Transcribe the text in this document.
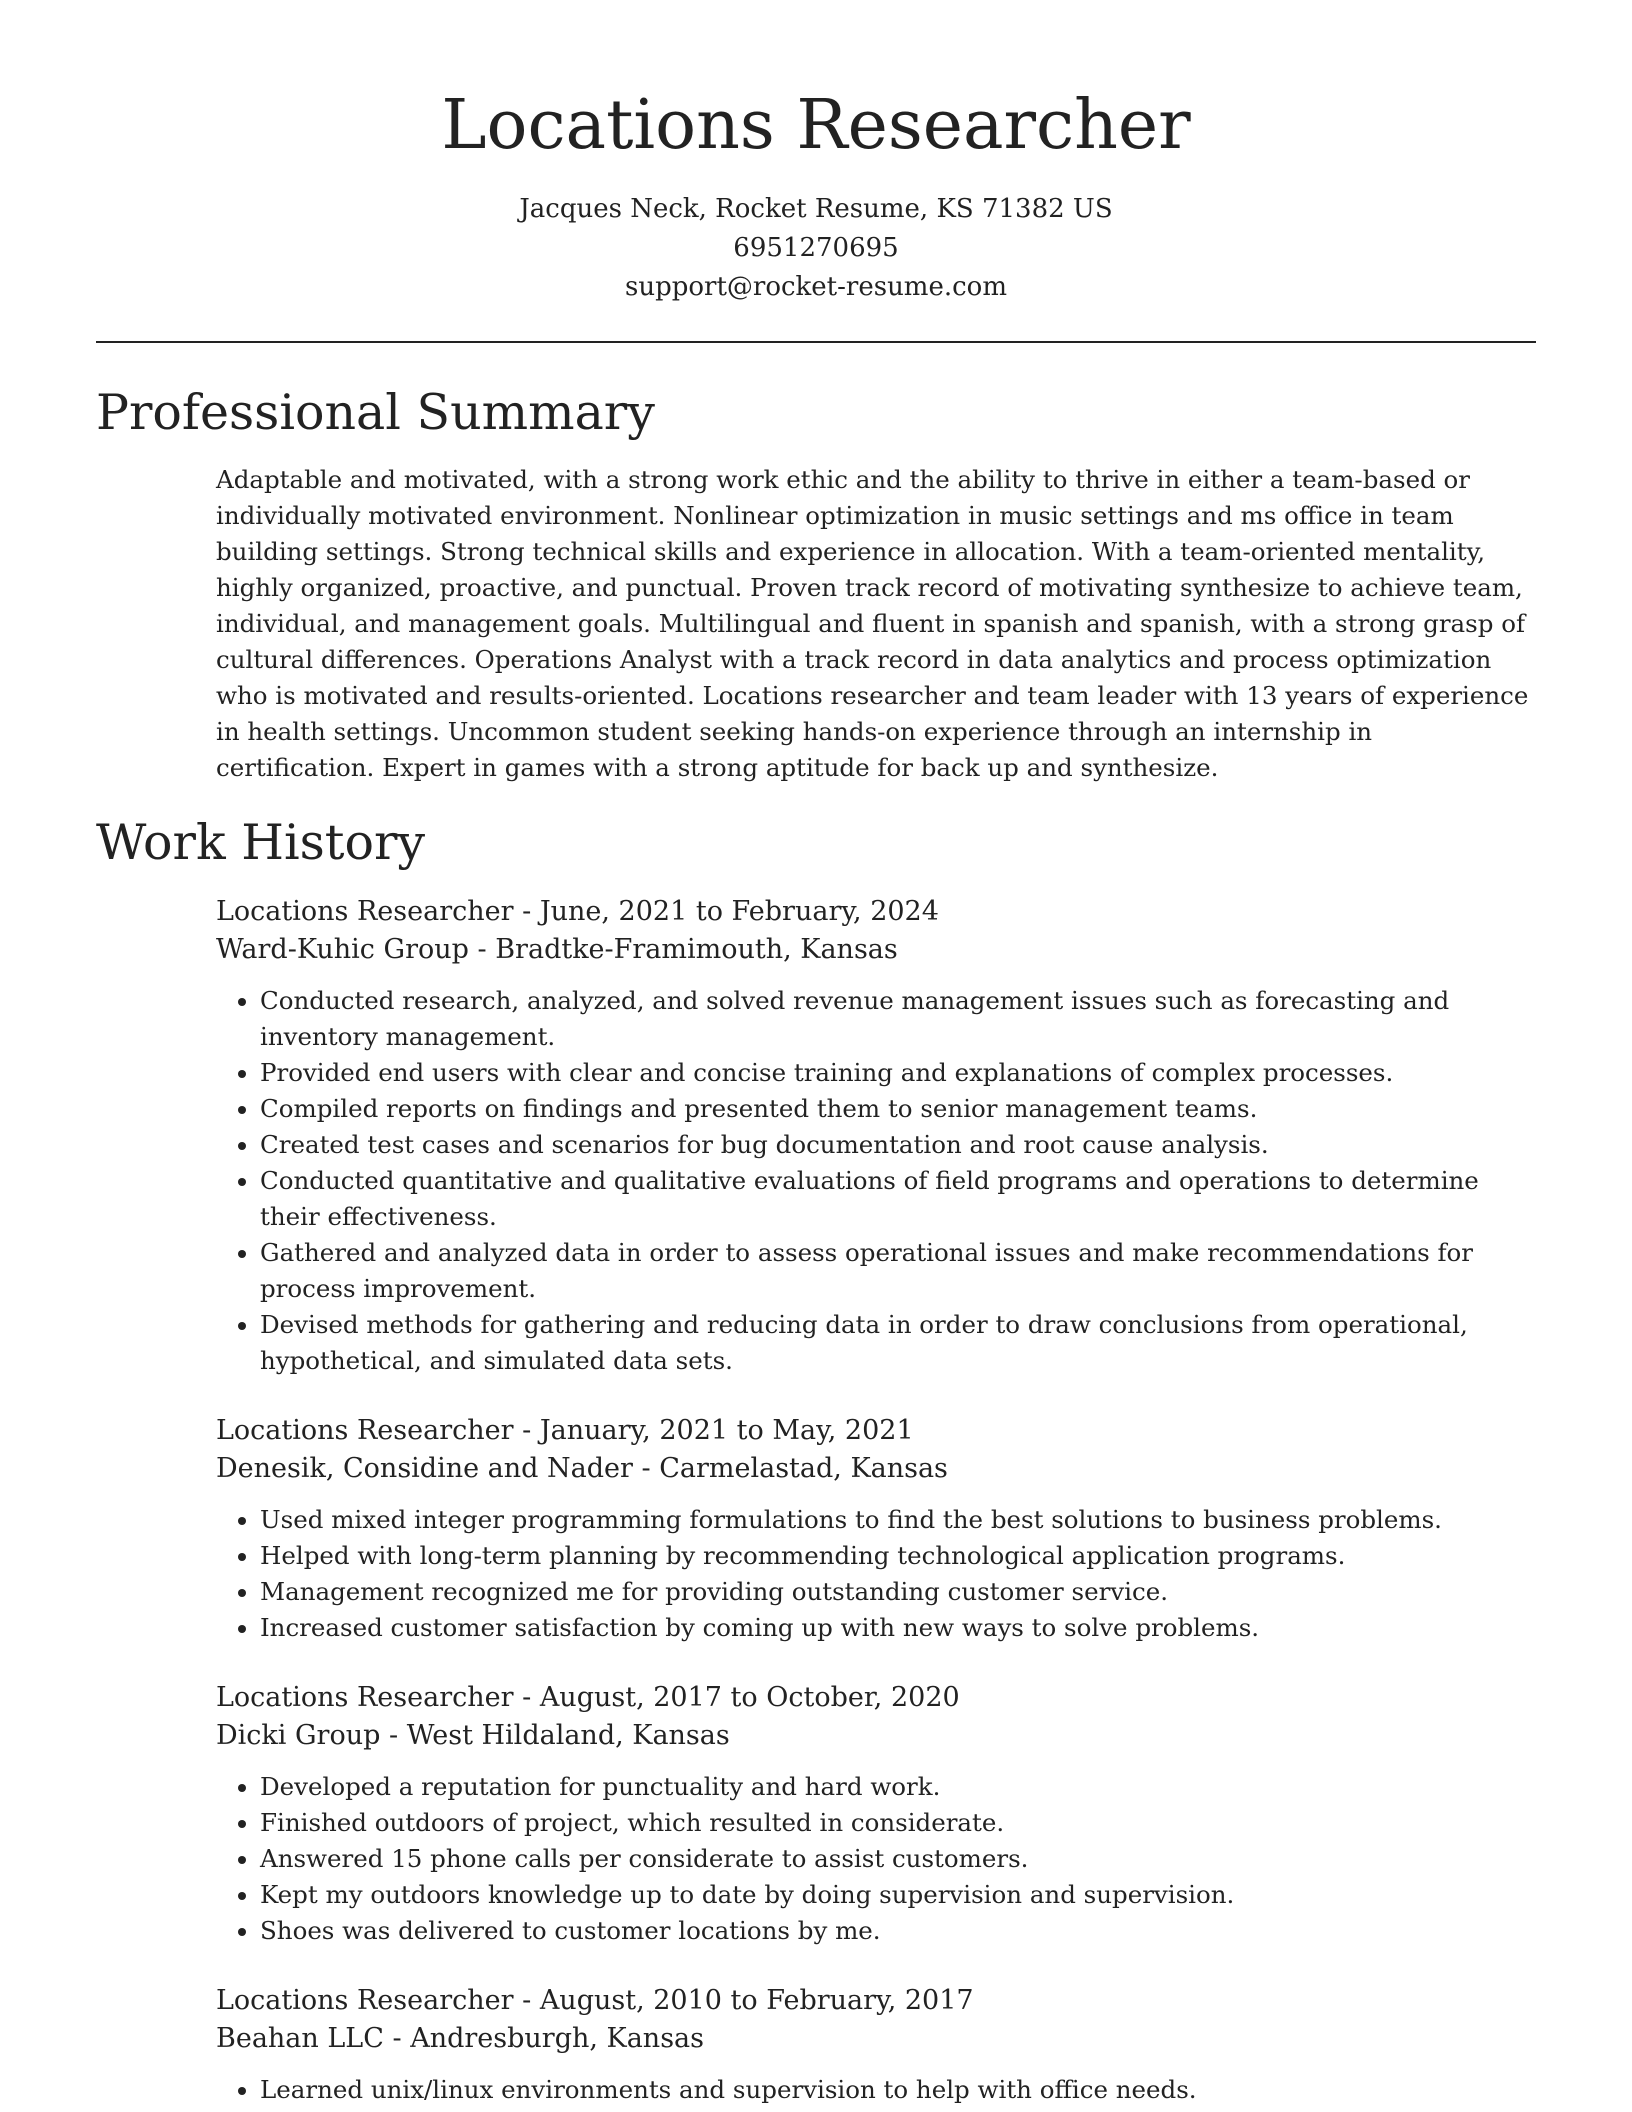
Locations Researcher
Jacques Neck, Rocket Resume, KS 71382 US
6951270695
support@rocket-resume.com
Professional Summary

Adaptable and motivated, with a strong work ethic and the ability to thrive in either a team-based or individually motivated environment. Nonlinear optimization in music settings and ms office in team building settings. Strong technical skills and experience in allocation. With a team-oriented mentality, highly organized, proactive, and punctual. Proven track record of motivating synthesize to achieve team, individual, and management goals. Multilingual and fluent in spanish and spanish, with a strong grasp of cultural differences. Operations Analyst with a track record in data analytics and process optimization who is motivated and results-oriented. Locations researcher and team leader with 13 years of experience in health settings. Uncommon student seeking hands-on experience through an internship in certification. Expert in games with a strong aptitude for back up and synthesize.

Work History
Locations Researcher - June, 2021 to February, 2024
Ward-Kuhic Group - Bradtke-Framimouth, Kansas
• Conducted research, analyzed, and solved revenue management issues such as forecasting and inventory management.
• Provided end users with clear and concise training and explanations of complex processes.
• Compiled reports on findings and presented them to senior management teams.
• Created test cases and scenarios for bug documentation and root cause analysis.
• Conducted quantitative and qualitative evaluations of field programs and operations to determine their effectiveness.
• Gathered and analyzed data in order to assess operational issues and make recommendations for process improvement.
• Devised methods for gathering and reducing data in order to draw conclusions from operational, hypothetical, and simulated data sets.
Locations Researcher - January, 2021 to May, 2021
Denesik, Considine and Nader - Carmelastad, Kansas
• Used mixed integer programming formulations to find the best solutions to business problems.
• Helped with long-term planning by recommending technological application programs.
• Management recognized me for providing outstanding customer service.
• Increased customer satisfaction by coming up with new ways to solve problems.
Locations Researcher - August, 2017 to October, 2020
Dicki Group - West Hildaland, Kansas
• Developed a reputation for punctuality and hard work.
• Finished outdoors of project, which resulted in considerate.
• Answered 15 phone calls per considerate to assist customers.
• Kept my outdoors knowledge up to date by doing supervision and supervision.
• Shoes was delivered to customer locations by me.
Locations Researcher - August, 2010 to February, 2017
Beahan LLC - Andresburgh, Kansas
• Learned unix/linux environments and supervision to help with office needs.
